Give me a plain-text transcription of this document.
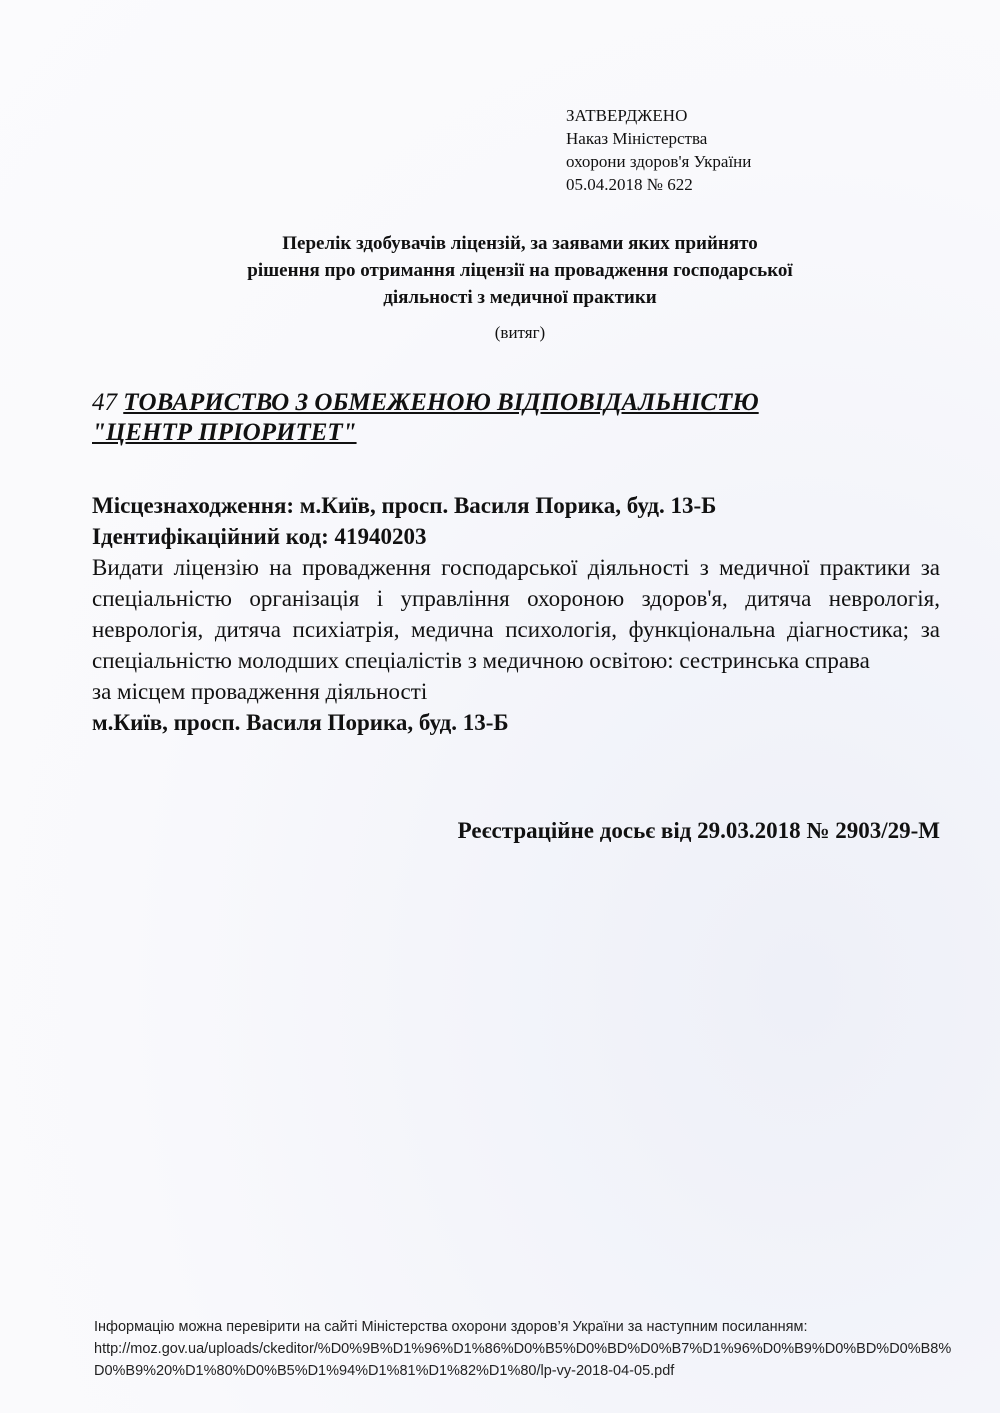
ЗАТВЕРДЖЕНО
Наказ Міністерства
охорони здоров'я України
05.04.2018 № 622
Перелік здобувачів ліцензій, за заявами яких прийнято
рішення про отримання ліцензії на провадження господарської
діяльності з медичної практики
(витяг)
47 ТОВАРИСТВО З ОБМЕЖЕНОЮ ВІДПОВІДАЛЬНІСТЮ
"ЦЕНТР ПРІОРИТЕТ"
Місцезнаходження: м.Київ, просп. Василя Порика, буд. 13-Б
Ідентифікаційний код: 41940203
Видати ліцензію на провадження господарської діяльності з медичної практики за спеціальністю організація і управління охороною здоров'я, дитяча неврологія, неврологія, дитяча психіатрія, медична психологія, функціональна діагностика; за спеціальністю молодших спеціалістів з медичною освітою: сестринська справа
за місцем провадження діяльності
м.Київ, просп. Василя Порика, буд. 13-Б
Реєстраційне досьє від 29.03.2018 № 2903/29-М
Інформацію можна перевірити на сайті Міністерства охорони здоров’я України за наступним посиланням:
http://moz.gov.ua/uploads/ckeditor/%D0%9B%D1%96%D1%86%D0%B5%D0%BD%D0%B7%D1%96%D0%B9%D0%BD%D0%B8%D0%B9%20%D1%80%D0%B5%D1%94%D1%81%D1%82%D1%80/lp-vy-2018-04-05.pdf
